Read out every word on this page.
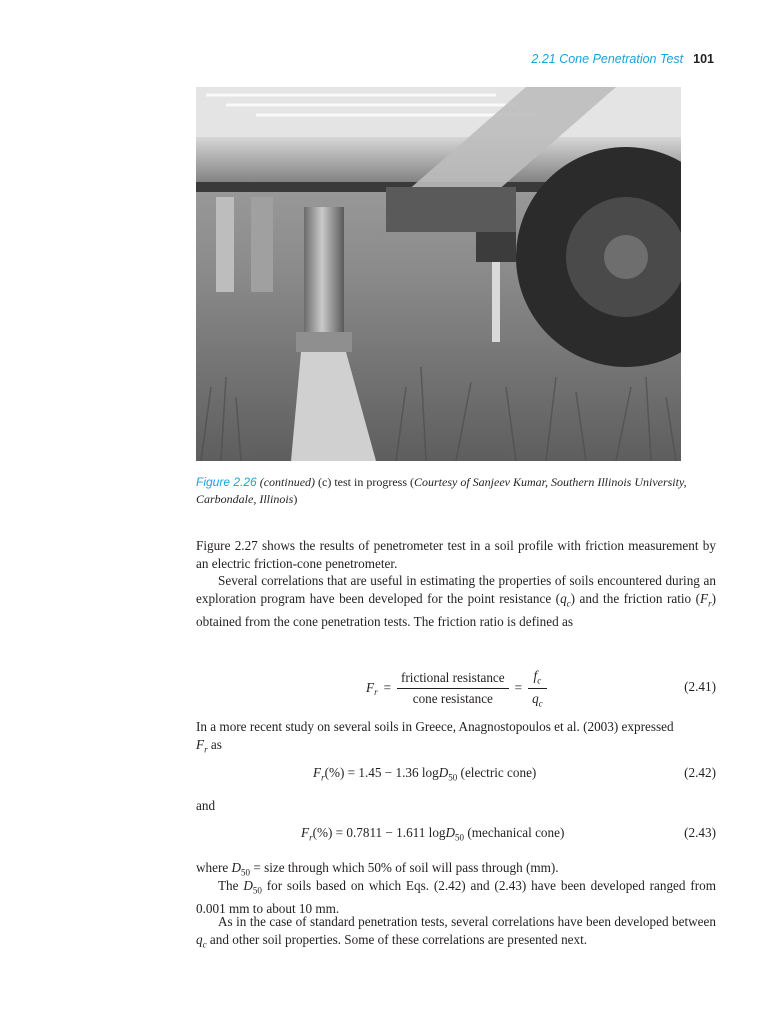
2.21 Cone Penetration Test 101
Figure 2.26 (continued) (c) test in progress (Courtesy of Sanjeev Kumar, Southern Illinois University, Carbondale, Illinois)

Figure 2.27 shows the results of penetrometer test in a soil profile with friction measurement by an electric friction-cone penetrometer.

Several correlations that are useful in estimating the properties of soils encountered during an exploration program have been developed for the point resistance $(q_c)$ and the friction ratio $(F_r)$ obtained from the cone penetration tests. The friction ratio is defined as

F $_r = \frac{\text{frictional resistance}}{\text{cone resistance}} = \frac{f_c}{q_c}$	(2.41)

In a more recent study on several soils in Greece, Anagnostopoulos et al. (2003) expressed
$F_r$ as

$F_r(\%) = 1.45 - 1.36$ logD$_{50}$ (electric cone)	(2.42)
and
$F_r(\%) = 0.7811 - 1.611$ logD$_{50}$ (mechanical cone)	(2.43)

where $D_{50}$ = size through which 50% of soil will pass through (mm).

The $D_{50}$ for soils based on which Eqs. (2.42) and (2.43) have been developed ranged from 0.001 mm to about 10 mm.

As in the case of standard penetration tests, several correlations have been developed between $q_c$ and other soil properties. Some of these correlations are presented next.
